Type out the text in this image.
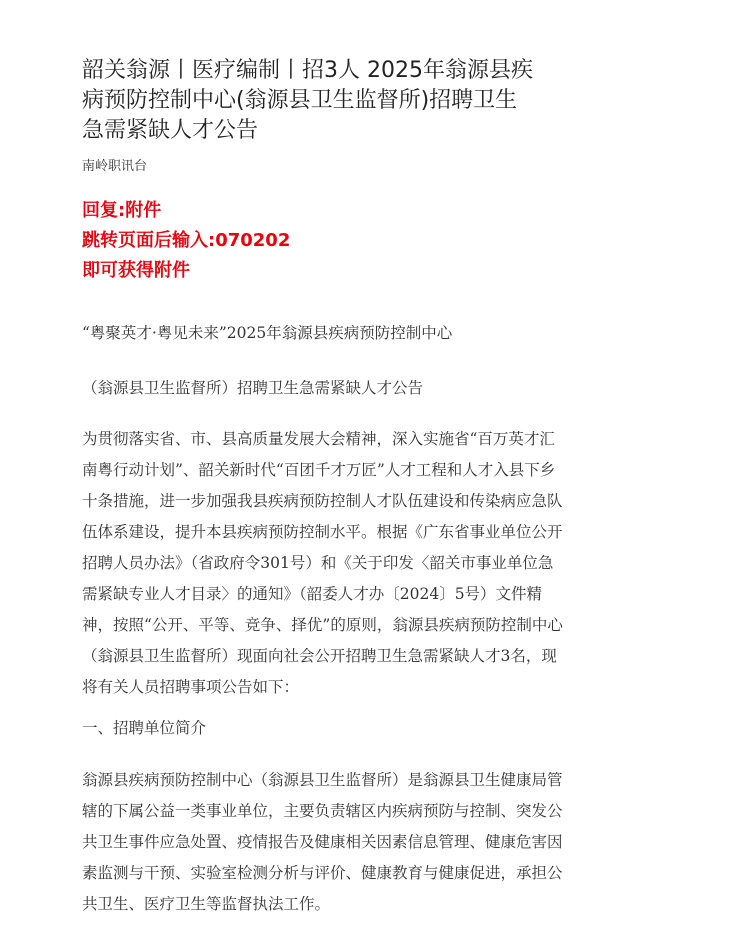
韶关翁源丨医疗编制丨招3人 2025年翁源县疾
病预防控制中心(翁源县卫生监督所)招聘卫生
急需紧缺人才公告
南岭职讯台
回复:附件
跳转页面后输入:070202
即可获得附件

“粤聚英才·粤见未来”2025年翁源县疾病预防控制中心

（翁源县卫生监督所）招聘卫生急需紧缺人才公告

为贯彻落实省、市、县高质量发展大会精神，深入实施省“百万英才汇
南粤行动计划”、韶关新时代“百团千才万匠”人才工程和人才入县下乡
十条措施，进一步加强我县疾病预防控制人才队伍建设和传染病应急队
伍体系建设，提升本县疾病预防控制水平。根据《广东省事业单位公开
招聘人员办法》（省政府令301号）和《关于印发〈韶关市事业单位急
需紧缺专业人才目录〉的通知》（韶委人才办〔2024〕5号）文件精
神，按照“公开、平等、竞争、择优”的原则，翁源县疾病预防控制中心
（翁源县卫生监督所）现面向社会公开招聘卫生急需紧缺人才3名，现
将有关人员招聘事项公告如下：

一、招聘单位简介

翁源县疾病预防控制中心（翁源县卫生监督所）是翁源县卫生健康局管
辖的下属公益一类事业单位，主要负责辖区内疾病预防与控制、突发公
共卫生事件应急处置、疫情报告及健康相关因素信息管理、健康危害因
素监测与干预、实验室检测分析与评价、健康教育与健康促进，承担公
共卫生、医疗卫生等监督执法工作。
